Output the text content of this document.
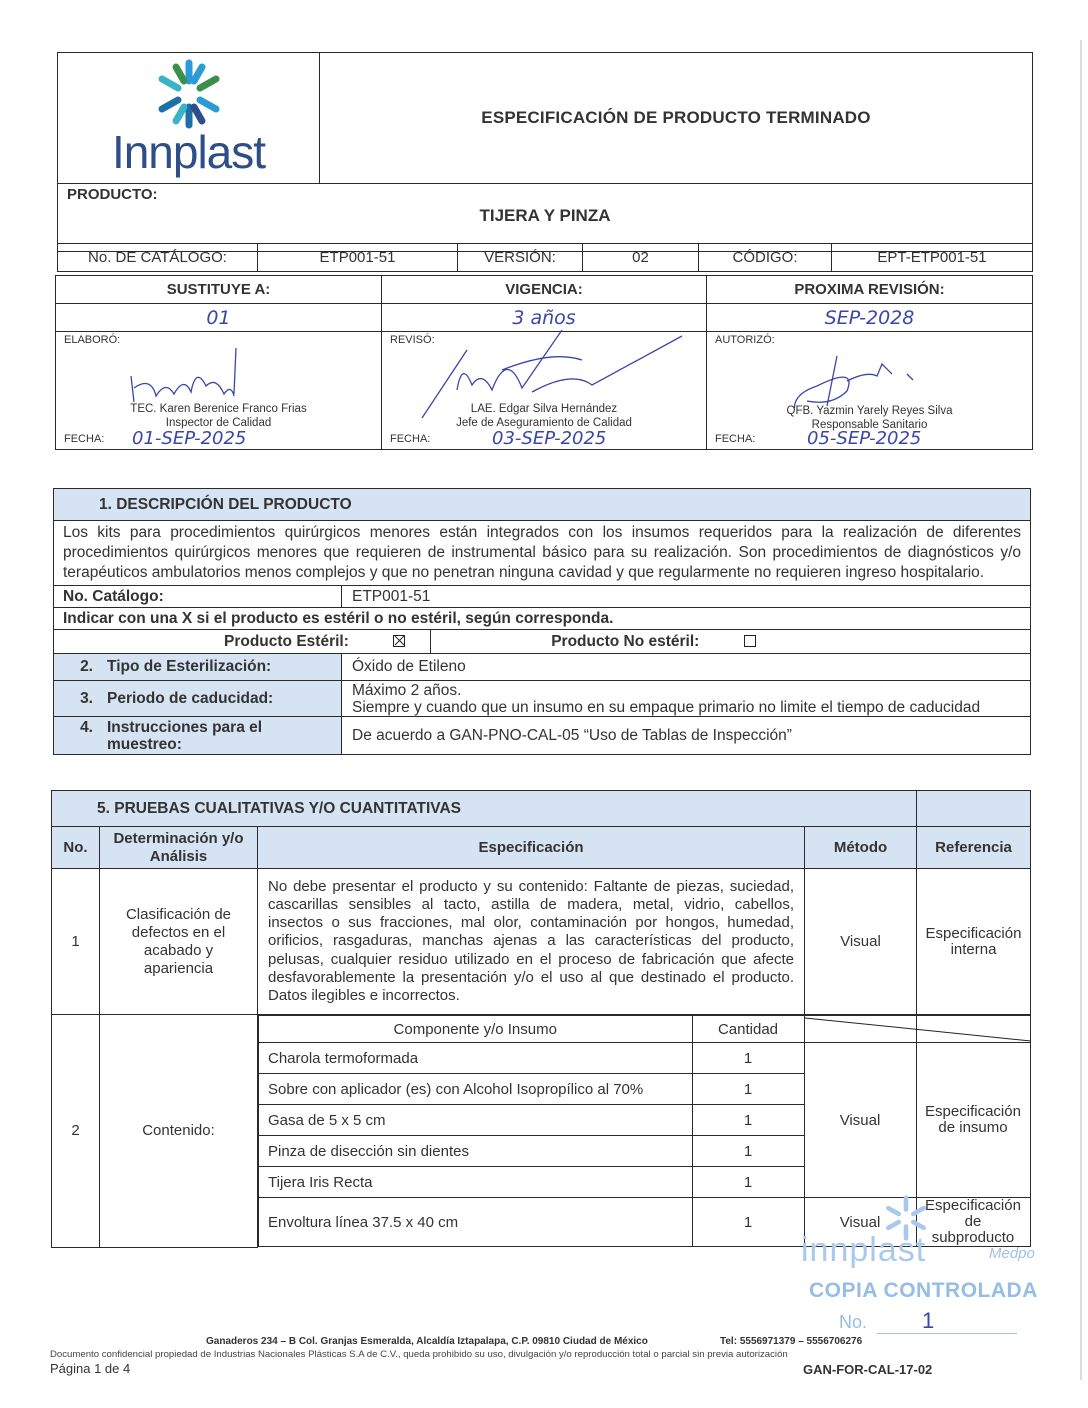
Innplast
	ESPECIFICACIÓN DE PRODUCTO TERMINADO

PRODUCTO:
TIJERA Y PINZA
No. DE CATÁLOGO:	ETP001-51	VERSIÓN:	02	CÓDIGO:	EPT-ETP001-51
SUSTITUYE A:	VIGENCIA:	PROXIMA REVISIÓN:
01	3 años	SEP-2028

ELABORÓ:
TEC. Karen Berenice Franco Frias
Inspector de Calidad
FECHA: 01-SEP-2025

REVISÓ:
LAE. Edgar Silva Hernández
Jefe de Aseguramiento de Calidad
FECHA:	03-SEP-2025

AUTORIZÓ:
QFB. Yazmin Yarely Reyes Silva
Responsable Sanitario
FECHA:	05-SEP-2025
1. DESCRIPCIÓN DEL PRODUCTO		
Los kits para procedimientos quirúrgicos menores están integrados con los insumos requeridos para la realización de diferentes procedimientos quirúrgicos menores que requieren de instrumental básico para su realización. Son procedimientos de diagnósticos y/o terapéuticos ambulatorios menos complejos y que no penetran ninguna cavidad y que regularmente no requieren ingreso hospitalario.		
No. Catálogo:	ETP001-51	
Indicar con una X si el producto es estéril o no estéril, según corresponda.		
Producto Estéril:		Producto No estéril:
2. Tipo de Esterilización:	Óxido de Etileno	
3. Periodo de caducidad:	Máximo 2 años.
Siempre y cuando que un insumo en su empaque primario no limite el tiempo de caducidad	

4. Instrucciones para el muestreo:	De acuerdo a GAN-PNO-CAL-05 “Uso de Tablas de Inspección”	
5. PRUEBAS CUALITATIVAS Y/O CUANTITATIVAS	
No.	Determinación y/o Análisis	Especificación	Método	Referencia
1	Clasificación de defectos en el acabado y apariencia	No debe presentar el producto y su contenido: Faltante de piezas, suciedad, cascarillas sensibles al tacto, astilla de madera, metal, vidrio, cabellos, insectos o sus fracciones, mal olor, contaminación por hongos, humedad, orificios, rasgaduras, manchas ajenas a las características del producto, pelusas, cualquier residuo utilizado en el proceso de fabricación que afecte desfavorablemente la presentación y/o el uso al que destinado el producto. Datos ilegibles e incorrectos.	Visual	Especificación interna
2	Contenido:	
Componente y/o Insumo	Cantidad	

Charola termoformada	1	Visual	Especificación de insumo
Sobre con aplicador (es) con Alcohol Isopropílico al 70%	1
Gasa de 5 x 5 cm	1
Pinza de disección sin dientes	1
Tijera Iris Recta	1
Envoltura línea 37.5 x 40 cm	1	Visual	Especificación de subproducto
innplast	Medpo
COPIA CONTROLADA
No. 1
Ganaderos 234 – B Col. Granjas Esmeralda, Alcaldía Iztapalapa, C.P. 09810 Ciudad de México	Tel: 5556971379 – 5556706276
Documento confidencial propiedad de Industrias Nacionales Plásticas S.A de C.V., queda prohibido su uso, divulgación y/o reproducción total o parcial sin previa autorización
Página 1 de 4	GAN-FOR-CAL-17-02
